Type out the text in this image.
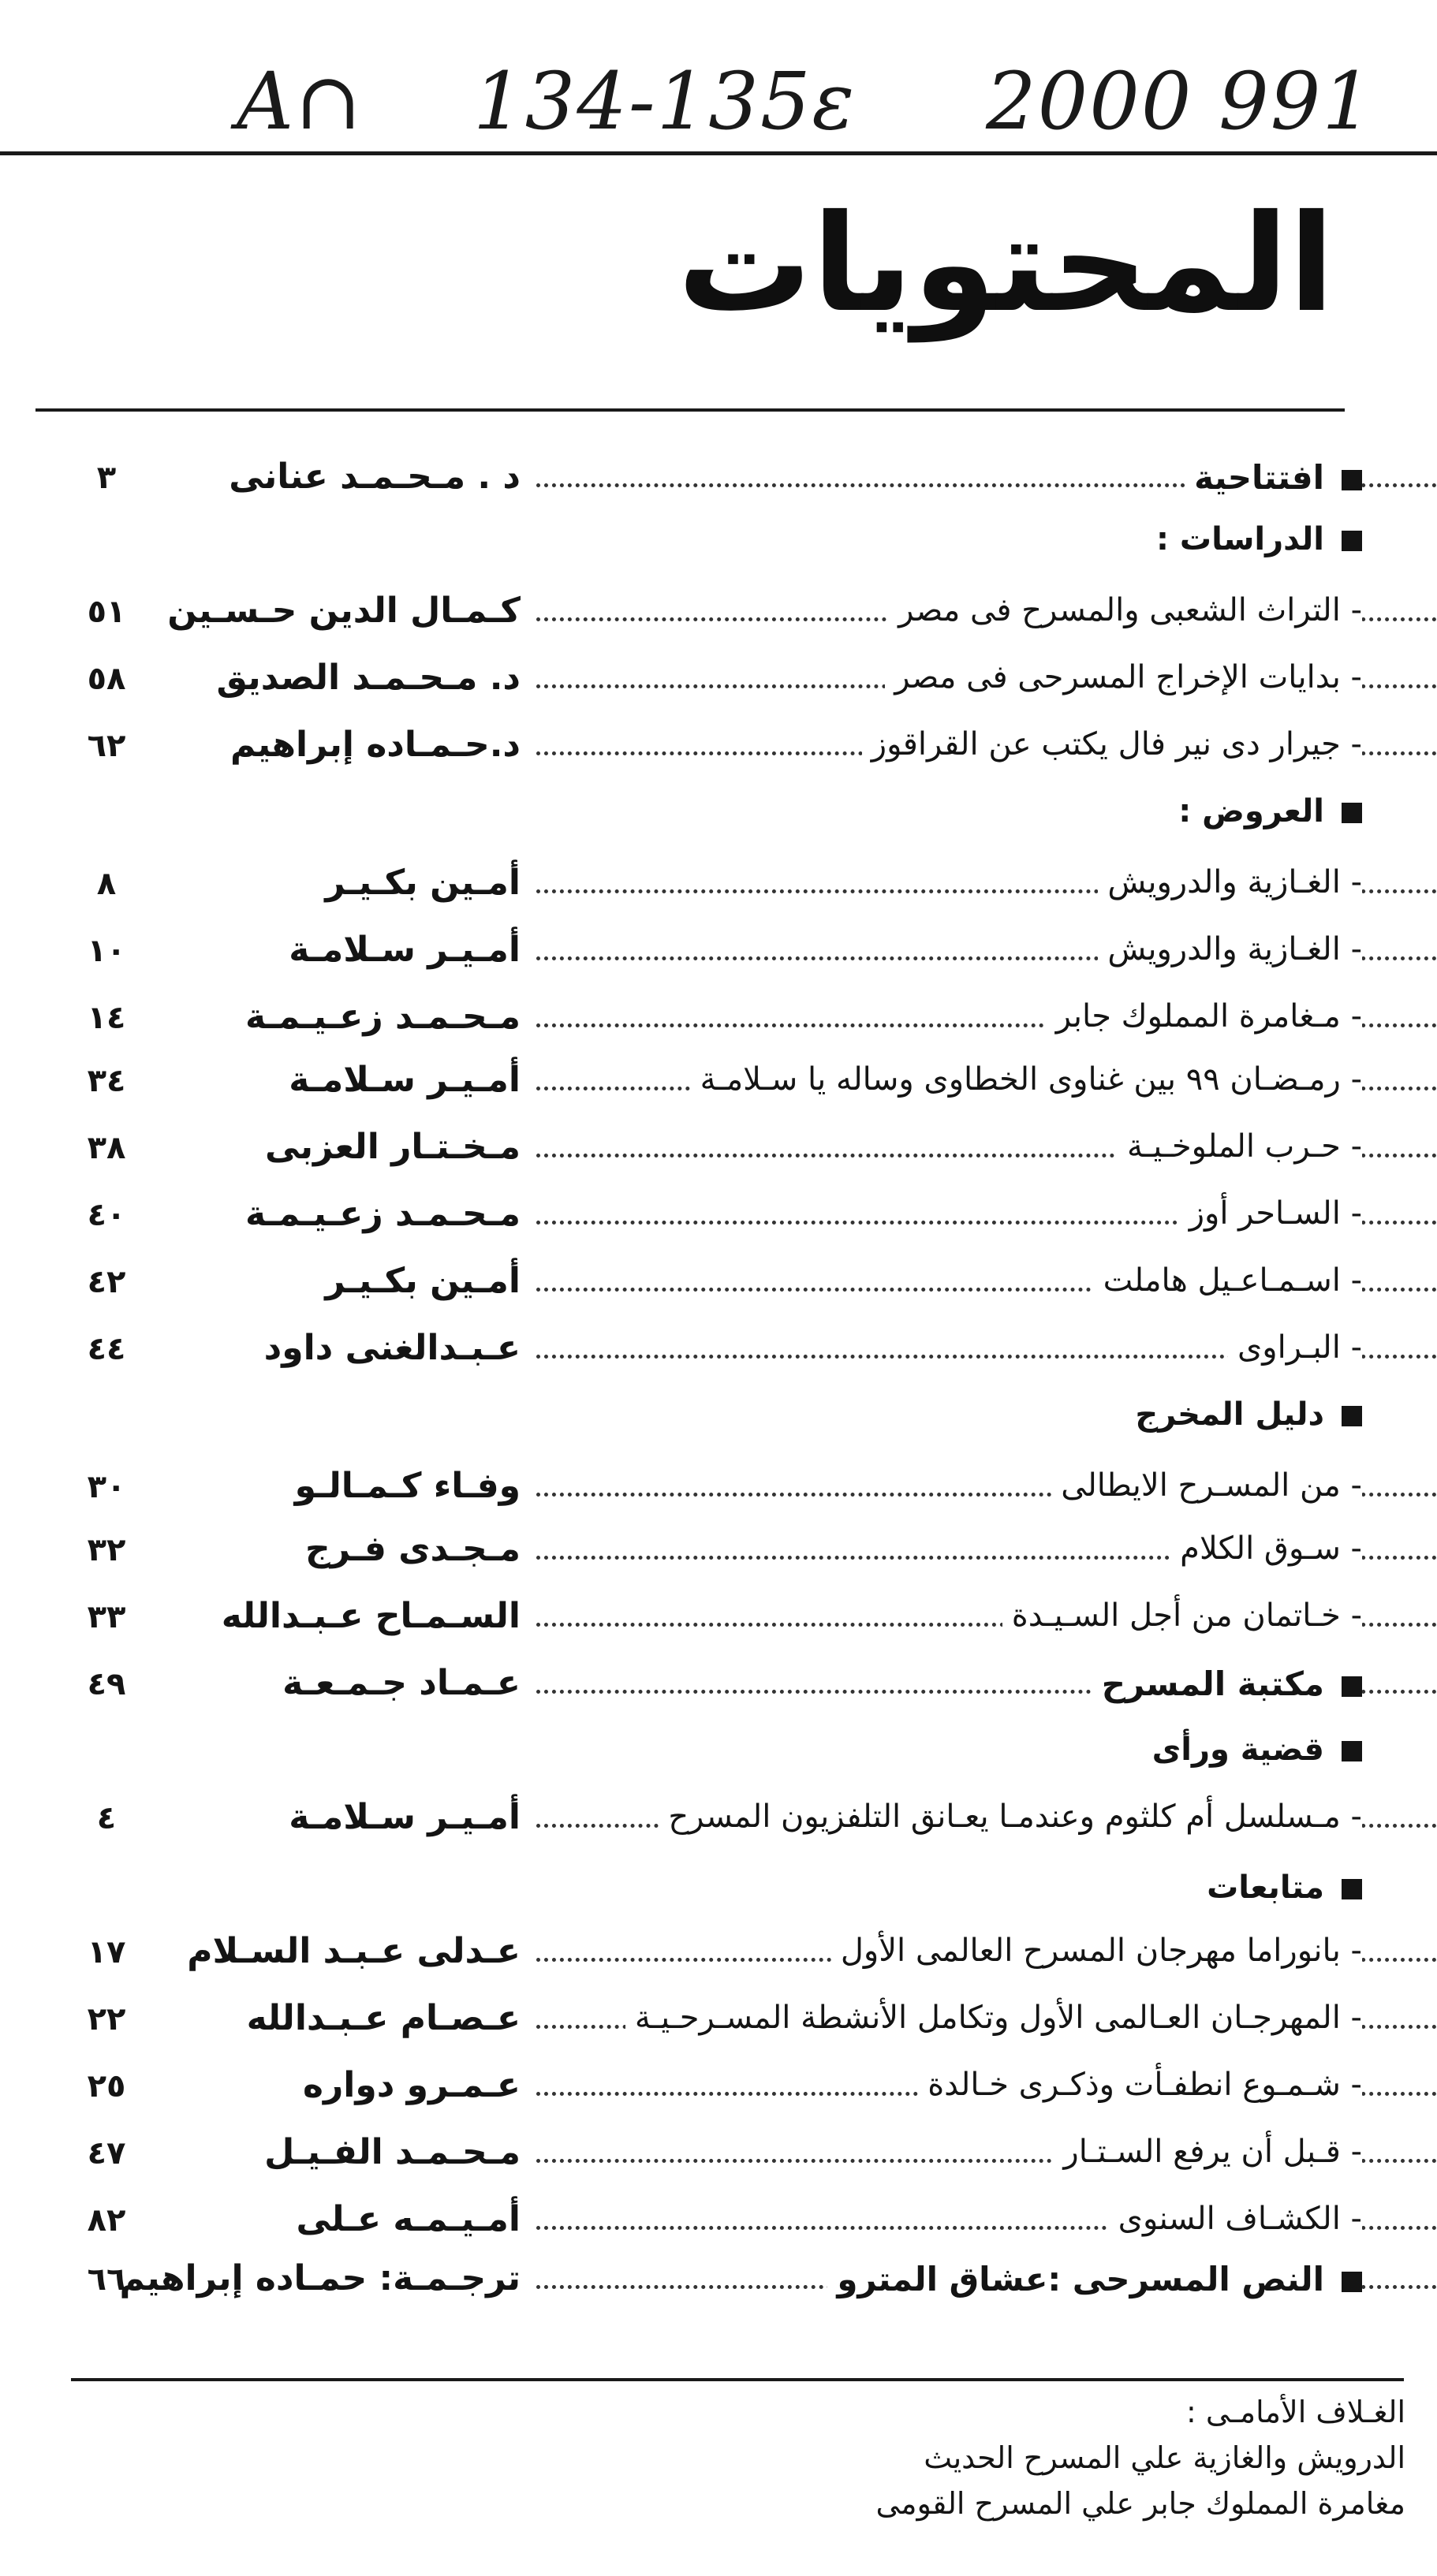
A∩ 134-135ε 2000 991
المحتويات
افتتاحية
د . مـحـمـد عنانى
٣
الدراسات :
- التراث الشعبى والمسرح فى مصر
كـمـال الدين حـسـين
٥١
- بدايات الإخراج المسرحى فى مصر
د. مـحـمـد الصديق
٥٨
- جيرار دى نير فال يكتب عن القراقوز
د.حـمـاده إبراهيم
٦٢
العروض :
- الغـازية والدرويش
أمـين بكـيـر
٨
- الغـازية والدرويش
أمـيـر سـلامـة
١٠
- مـغامرة المملوك جابر
مـحـمـد زعـيـمـة
١٤
- رمـضـان ٩٩ بين غناوى الخطاوى وساله يا سـلامـة
أمـيـر سـلامـة
٣٤
- حـرب الملوخـيـة
مـخـتـار العزبى
٣٨
- السـاحر أوز
مـحـمـد زعـيـمـة
٤٠
- اسـمـاعـيل هاملت
أمـين بكـيـر
٤٢
- البـراوى
عـبـدالغنى داود
٤٤
دليل المخرج
- من المسـرح الايطالى
وفـاء كـمـالـو
٣٠
- سـوق الكلام
مـجـدى فـرج
٣٢
- خـاتمان من أجل السـيـدة
السـمـاح عـبـدالله
٣٣
مكتبة المسرح
عـمـاد جـمـعـة
٤٩
قضية ورأى
- مـسلسل أم كلثوم وعندمـا يعـانق التلفزيون المسرح
أمـيـر سـلامـة
٤
متابعات
- بانوراما مهرجان المسرح العالمى الأول
عـدلى عـبـد السـلام
١٧
- المهرجـان العـالمى الأول وتكامل الأنشطة المسـرحـيـة
عـصـام عـبـدالله
٢٢
- شـمـوع انطفـأت وذكـرى خـالدة
عـمـرو دواره
٢٥
- قـبل أن يرفع السـتـار
مـحـمـد الفـيـل
٤٧
- الكشـاف السنوى
أمـيـمـه عـلى
٨٢
النص المسرحى :عشاق المترو
ترجـمـة: حمـاده إبراهيم
٦٦
الغـلاف الأمامـى :
الدرويش والغازية علي المسرح الحديث
مغامرة المملوك جابر علي المسرح القومى
